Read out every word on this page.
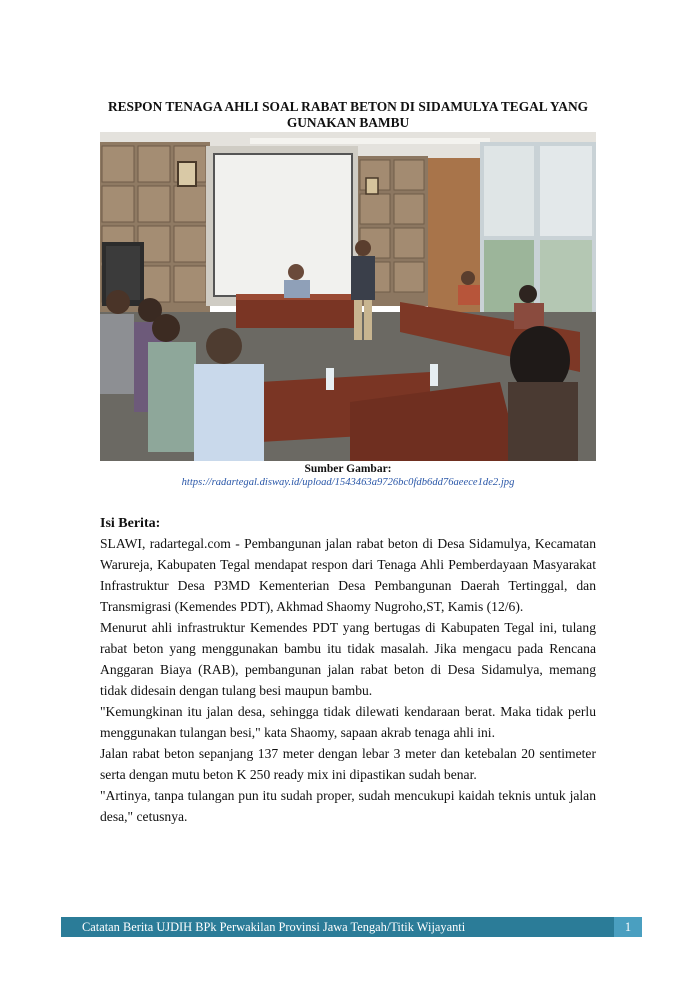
RESPON TENAGA AHLI SOAL RABAT BETON DI SIDAMULYA TEGAL YANG GUNAKAN BAMBU
Sumber Gambar:
https://radartegal.disway.id/upload/1543463a9726bc0fdb6dd76aeece1de2.jpg
Isi Berita:

SLAWI, radartegal.com - Pembangunan jalan rabat beton di Desa Sidamulya, Kecamatan Warureja, Kabupaten Tegal mendapat respon dari Tenaga Ahli Pemberdayaan Masyarakat Infrastruktur Desa P3MD Kementerian Desa Pembangunan Daerah Tertinggal, dan Transmigrasi (Kemendes PDT), Akhmad Shaomy Nugroho,ST, Kamis (12/6).

Menurut ahli infrastruktur Kemendes PDT yang bertugas di Kabupaten Tegal ini, tulang rabat beton yang menggunakan bambu itu tidak masalah. Jika mengacu pada Rencana Anggaran Biaya (RAB), pembangunan jalan rabat beton di Desa Sidamulya, memang tidak didesain dengan tulang besi maupun bambu.

"Kemungkinan itu jalan desa, sehingga tidak dilewati kendaraan berat. Maka tidak perlu menggunakan tulangan besi," kata Shaomy, sapaan akrab tenaga ahli ini.

Jalan rabat beton sepanjang 137 meter dengan lebar 3 meter dan ketebalan 20 sentimeter serta dengan mutu beton K 250 ready mix ini dipastikan sudah benar.

"Artinya, tanpa tulangan pun itu sudah proper, sudah mencukupi kaidah teknis untuk jalan desa," cetusnya.

Catatan Berita UJDIH BPk Perwakilan Provinsi Jawa Tengah/Titik Wijayanti	1
